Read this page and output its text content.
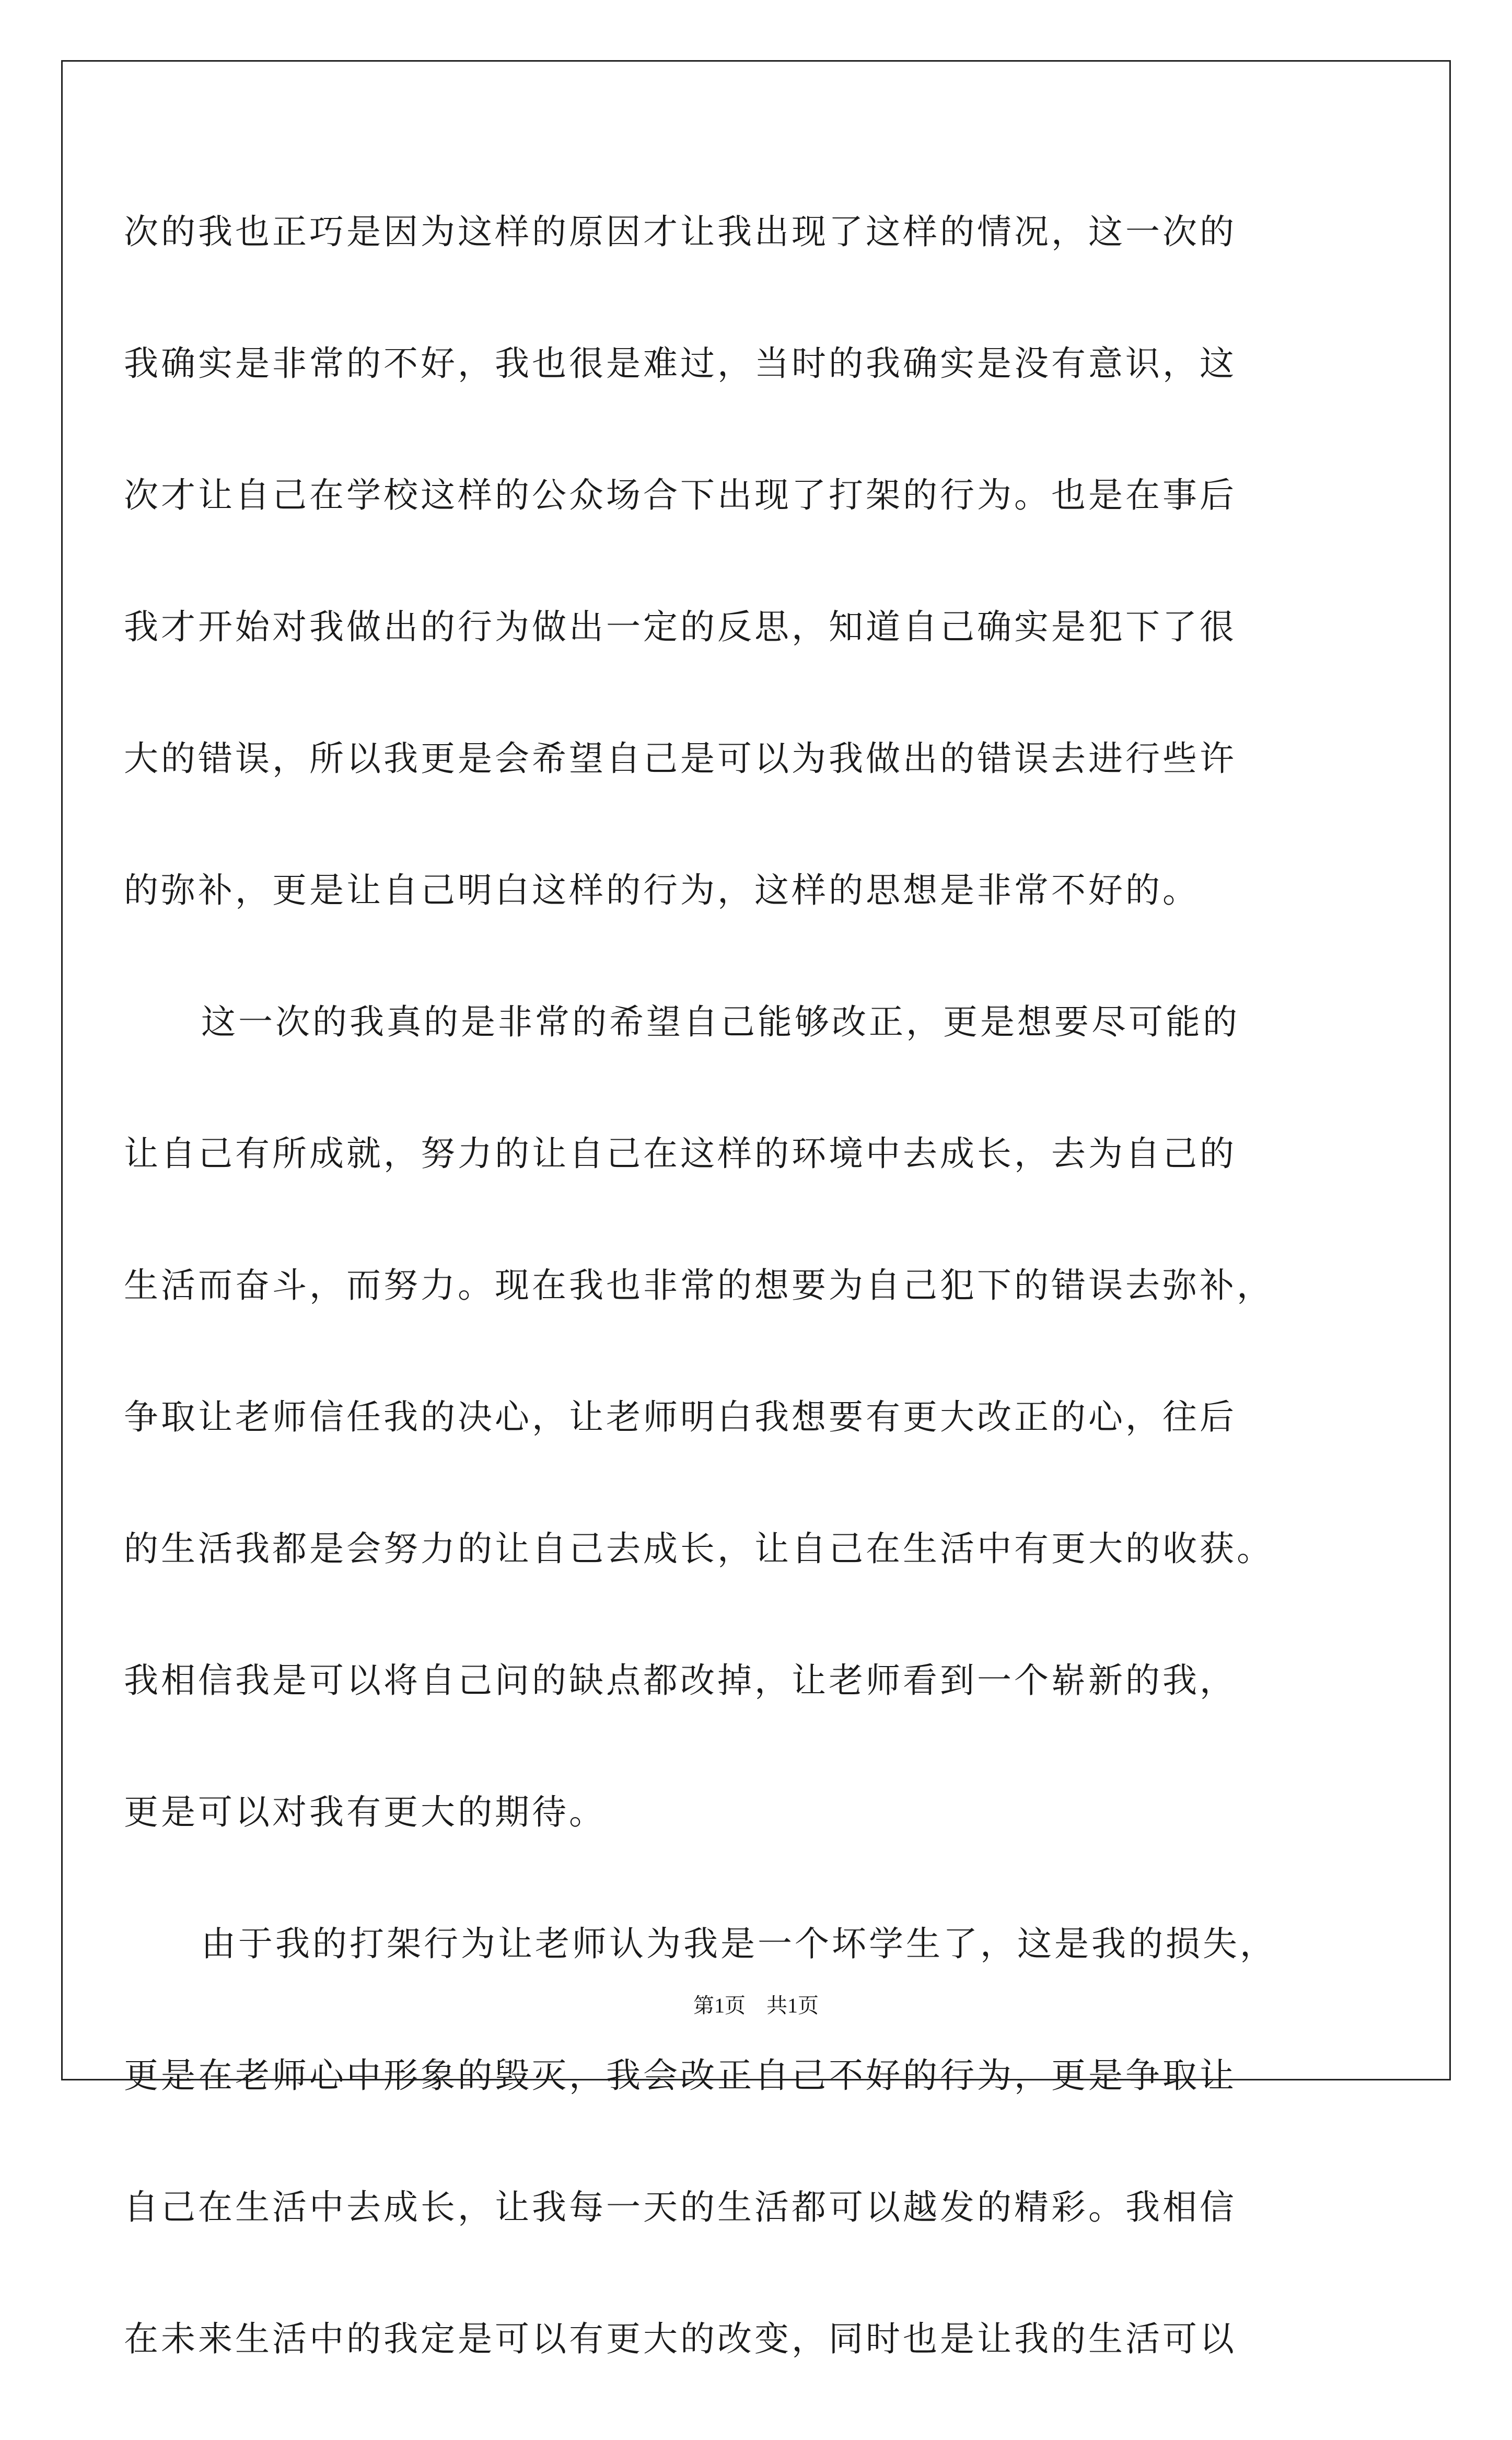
次的我也正巧是因为这样的原因才让我出现了这样的情况，这一次的
我确实是非常的不好，我也很是难过，当时的我确实是没有意识，这
次才让自己在学校这样的公众场合下出现了打架的行为。也是在事后
我才开始对我做出的行为做出一定的反思，知道自己确实是犯下了很
大的错误，所以我更是会希望自己是可以为我做出的错误去进行些许
的弥补，更是让自己明白这样的行为，这样的思想是非常不好的。
这一次的我真的是非常的希望自己能够改正，更是想要尽可能的
让自己有所成就，努力的让自己在这样的环境中去成长，去为自己的
生活而奋斗，而努力。现在我也非常的想要为自己犯下的错误去弥补，
争取让老师信任我的决心，让老师明白我想要有更大改正的心，往后
的生活我都是会努力的让自己去成长，让自己在生活中有更大的收获。
我相信我是可以将自己问的缺点都改掉，让老师看到一个崭新的我，
更是可以对我有更大的期待。
由于我的打架行为让老师认为我是一个坏学生了，这是我的损失，
更是在老师心中形象的毁灭，我会改正自己不好的行为，更是争取让
自己在生活中去成长，让我每一天的生活都可以越发的精彩。我相信
在未来生活中的我定是可以有更大的改变，同时也是让我的生活可以
第1页　共1页
